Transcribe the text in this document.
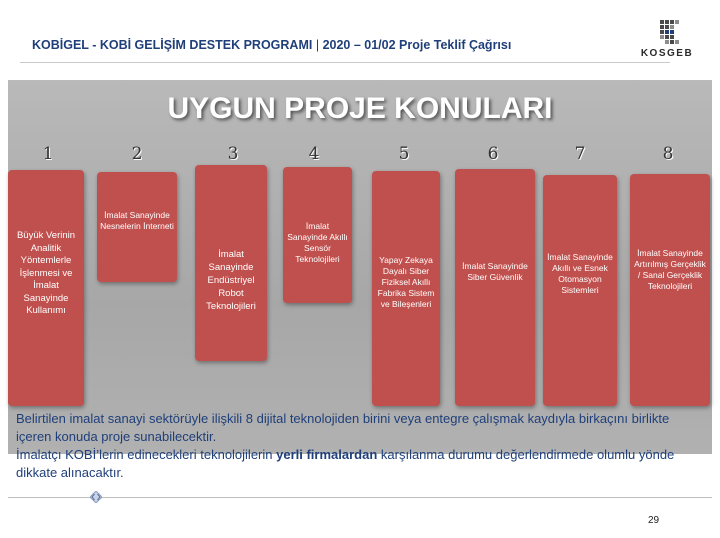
KOBİGEL - KOBİ GELİŞİM DESTEK PROGRAMI | 2020 – 01/02 Proje Teklif Çağrısı
KOSGEB
UYGUN PROJE KONULARI
1	2	3	4	5	6	7	8
Büyük Verinin Analitik Yöntemlerle İşlenmesi ve İmalat Sanayinde Kullanımı
İmalat Sanayinde Nesnelerin İnterneti
İmalat Sanayinde Endüstriyel Robot Teknolojileri
İmalat Sanayinde Akıllı Sensör Teknolojileri	Yapay Zekaya Dayalı Siber Fiziksel Akıllı Fabrika Sistem ve Bileşenleri
İmalat Sanayinde Siber Güvenlik
İmalat Sanayinde Akıllı ve Esnek Otomasyon Sistemleri
İmalat Sanayinde Artırılmış Gerçeklik / Sanal Gerçeklik Teknolojileri

Belirtilen imalat sanayi sektörüyle ilişkili 8 dijital teknolojiden birini veya entegre çalışmak kaydıyla birkaçını birlikte içeren konuda proje sunabilecektir.

İmalatçı KOBİ’lerin edinecekleri teknolojilerin yerli firmalardan karşılanma durumu değerlendirmede olumlu yönde dikkate alınacaktır.

29
